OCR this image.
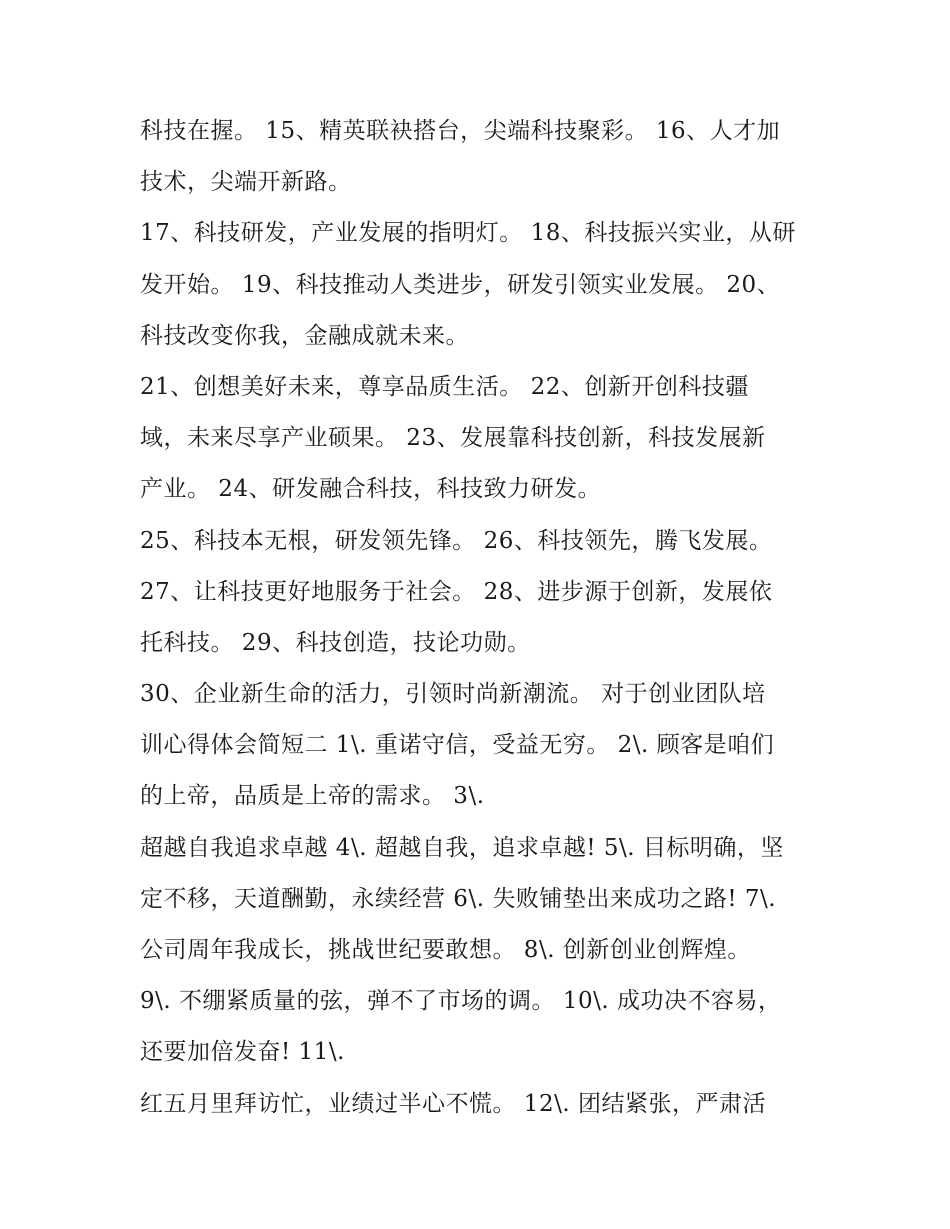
科技在握。 15、精英联袂搭台，尖端科技聚彩。 16、人才加
技术，尖端开新路。
17、科技研发，产业发展的指明灯。 18、科技振兴实业，从研
发开始。 19、科技推动人类进步，研发引领实业发展。 20、
科技改变你我，金融成就未来。
21、创想美好未来，尊享品质生活。 22、创新开创科技疆
域，未来尽享产业硕果。 23、发展靠科技创新，科技发展新
产业。 24、研发融合科技，科技致力研发。
25、科技本无根，研发领先锋。 26、科技领先，腾飞发展。
27、让科技更好地服务于社会。 28、进步源于创新，发展依
托科技。 29、科技创造，技论功勋。
30、企业新生命的活力，引领时尚新潮流。 对于创业团队培
训心得体会简短二 1\. 重诺守信，受益无穷。 2\. 顾客是咱们
的上帝，品质是上帝的需求。 3\.
超越自我追求卓越 4\. 超越自我，追求卓越! 5\. 目标明确，坚
定不移，天道酬勤，永续经营 6\. 失败铺垫出来成功之路! 7\.
公司周年我成长，挑战世纪要敢想。 8\. 创新创业创辉煌。
9\. 不绷紧质量的弦，弹不了市场的调。 10\. 成功决不容易，
还要加倍发奋! 11\.
红五月里拜访忙，业绩过半心不慌。 12\. 团结紧张，严肃活
